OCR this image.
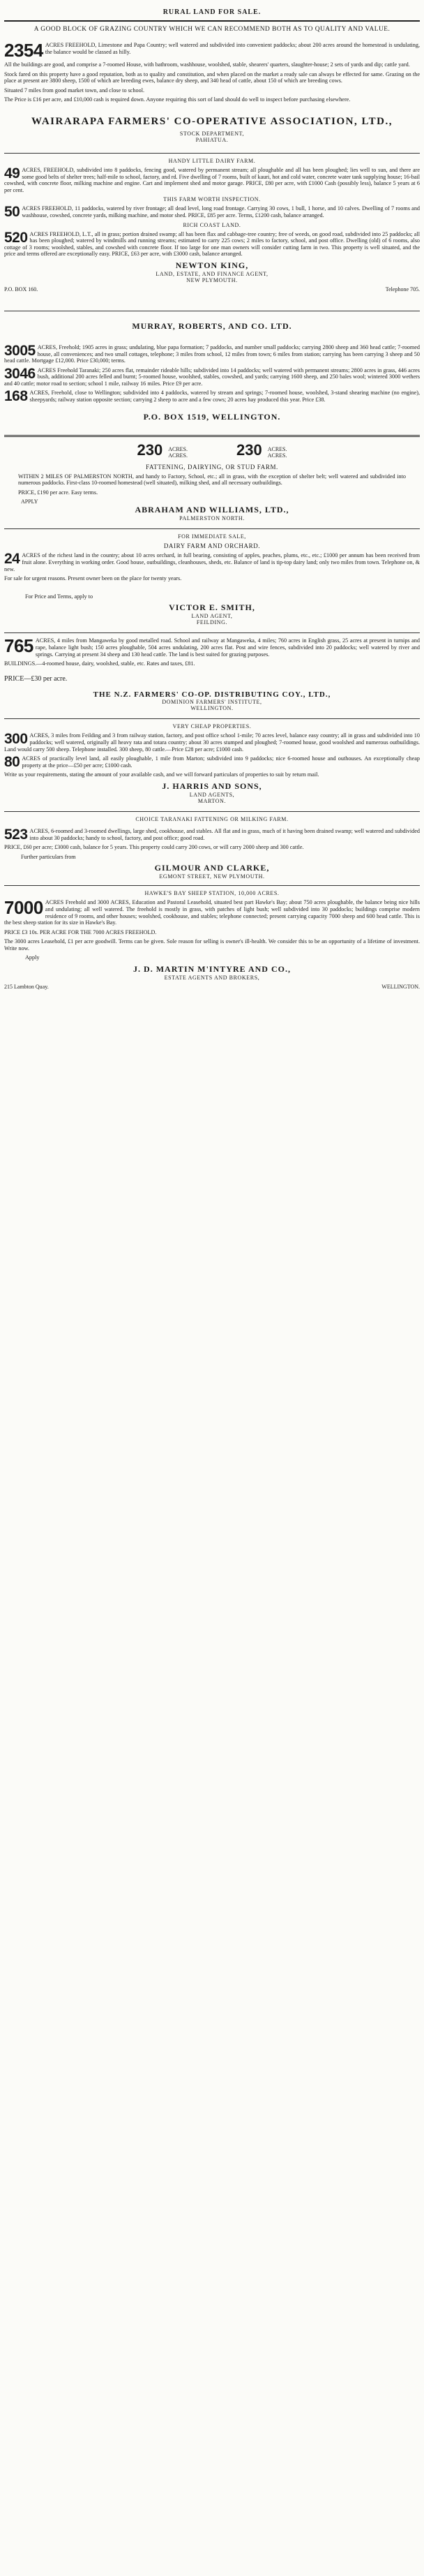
RURAL LAND FOR SALE.
A GOOD BLOCK OF GRAZING COUNTRY WHICH WE CAN RECOMMEND BOTH AS TO QUALITY AND VALUE.
2354 ACRES FREEHOLD, Limestone and Papa Country; well watered and subdivided into convenient paddocks; about 200 acres around the homestead is undulating, the balance would be classed as hilly.
All the buildings are good, and comprise a 7-roomed House, with bathroom, washhouse, woolshed, stable, shearers' quarters, slaughter-house; 2 sets of yards and dip; cattle yard.
Stock fared on this property have a good reputation, both as to quality and constitution, and when placed on the market a ready sale can always be effected for same. Grazing on the place at present are 3800 sheep, 1500 of which are breeding ewes, balance dry sheep, and 340 head of cattle, about 150 of which are breeding cows.
Situated 7 miles from good market town, and close to school.
The Price is £16 per acre, and £10,000 cash is required down. Anyone requiring this sort of land should do well to inspect before purchasing elsewhere.
WAIRARAPA FARMERS' CO-OPERATIVE ASSOCIATION, LTD.,
STOCK DEPARTMENT,
PAHIATUA.
HANDY LITTLE DAIRY FARM.
49 ACRES, FREEHOLD, subdivided into 8 paddocks, fencing good, watered by permanent stream; all ploughable and all has been ploughed; lies well to sun, and there are some good belts of shelter trees; half-mile to school, factory, and rd. Five dwelling of 7 rooms, built of kauri, hot and cold water, concrete water tank supplying house; 16-bail cowshed, with concrete floor, milking machine and engine. Cart and implement shed and motor garage. PRICE, £80 per acre, with £1000 Cash (possibly less), balance 5 years at 6 per cent.
THIS FARM WORTH INSPECTION.
50 ACRES FREEHOLD, 11 paddocks, watered by river frontage; all dead level, long road frontage. Carrying 30 cows, 1 bull, 1 horse, and 10 calves. Dwelling of 7 rooms and washhouse, cowshed, concrete yards, milking machine, and motor shed. PRICE, £85 per acre. Terms, £1200 cash, balance arranged.
RICH COAST LAND.
520 ACRES FREEHOLD, L.T., all in grass; portion drained swamp; all has been flax and cabbage-tree country; free of weeds, on good road, subdivided into 25 paddocks; all has been ploughed; watered by windmills and running streams; estimated to carry 225 cows; 2 miles to factory, school, and post office. Dwelling (old) of 6 rooms, also cottage of 3 rooms; woolshed, stables, and cowshed with concrete floor. If too large for one man owners will consider cutting farm in two. This property is well situated, and the price and terms offered are exceptionally easy. PRICE, £63 per acre, with £3000 cash, balance arranged.
NEWTON KING,
LAND, ESTATE, AND FINANCE AGENT,
NEW PLYMOUTH.
P.O. BOX 160.	Telephone 705.
MURRAY, ROBERTS, AND CO. LTD.
3005 ACRES, Freehold; 1905 acres in grass; undulating, blue papa formation; 7 paddocks, and number small paddocks; carrying 2800 sheep and 360 head cattle; 7-roomed house, all conveniences; and two small cottages, telephone; 3 miles from school, 12 miles from town; 6 miles from station; carrying has been carrying 3 sheep and 50 head cattle. Mortgage £12,000. Price £30,000; terms.
3046 ACRES Freehold Taranaki; 250 acres flat, remainder rideable hills; subdivided into 14 paddocks; well watered with permanent streams; 2800 acres in grass, 446 acres bush, additional 200 acres felled and burnt; 5-roomed house, woolshed, stables, cowshed, and yards; carrying 1600 sheep, and 250 bales wool; wintered 3000 wethers and 40 cattle; motor road to section; school 1 mile, railway 16 miles. Price £9 per acre.
168 ACRES, Freehold, close to Wellington; subdivided into 4 paddocks, watered by stream and springs; 7-roomed house, woolshed, 3-stand shearing machine (no engine), sheepyards; railway station opposite section; carrying 2 sheep to acre and a few cows; 20 acres hay produced this year. Price £38.
P.O. BOX 1519, WELLINGTON.
230 ACRES.
ACRES.	230 ACRES.
ACRES.
FATTENING, DAIRYING, OR STUD FARM.
WITHIN 2 MILES OF PALMERSTON NORTH, and handy to Factory, School, etc.; all in grass, with the exception of shelter belt; well watered and subdivided into numerous paddocks. First-class 10-roomed homestead (well situated), milking shed, and all necessary outbuildings.
PRICE, £190 per acre. Easy terms.
APPLY
ABRAHAM AND WILLIAMS, LTD.,
PALMERSTON NORTH.
FOR IMMEDIATE SALE,
DAIRY FARM AND ORCHARD.
24 ACRES of the richest land in the country; about 10 acres orchard, in full bearing, consisting of apples, peaches, plums, etc., etc.; £1000 per annum has been received from fruit alone. Everything in working order. Good house, outbuildings, cleanhouses, sheds, etc. Balance of land is tip-top dairy land; only two miles from town. Telephone on, & new.
For sale for urgent reasons. Present owner been on the place for twenty years.
For Price and Terms, apply to
VICTOR E. SMITH,
LAND AGENT,
FEILDING.
765 ACRES, 4 miles from Mangaweka by good metalled road. School and railway at Mangaweka, 4 miles; 760 acres in English grass, 25 acres at present in turnips and rape, balance light bush; 150 acres ploughable, 504 acres undulating, 200 acres flat. Post and wire fences, subdivided into 20 paddocks; well watered by river and springs. Carrying at present 34 sheep and 130 head cattle. The land is best suited for grazing purposes.
BUILDINGS.—4-roomed house, dairy, woolshed, stable, etc. Rates and taxes, £81.
PRICE—£30 per acre.
THE N.Z. FARMERS' CO-OP. DISTRIBUTING COY., LTD.,
DOMINION FARMERS' INSTITUTE,
WELLINGTON.
VERY CHEAP PROPERTIES.
300 ACRES, 3 miles from Feilding and 3 from railway station, factory, and post office school 1-mile; 70 acres level, balance easy country; all in grass and subdivided into 10 paddocks; well watered, originally all heavy rata and totara country; about 30 acres stumped and ploughed; 7-roomed house, good woolshed and numerous outbuildings. Land would carry 500 sheep. Telephone installed. 300 sheep, 80 cattle.—Price £28 per acre; £1000 cash.
80 ACRES of practically level land, all easily ploughable, 1 mile from Marton; subdivided into 9 paddocks; nice 6-roomed house and outhouses. An exceptionally cheap property at the price—£50 per acre; £1000 cash.
Write us your requirements, stating the amount of your available cash, and we will forward particulars of properties to suit by return mail.
J. HARRIS AND SONS,
LAND AGENTS,
MARTON.
CHOICE TARANAKI FATTENING OR MILKING FARM.
523 ACRES, 6-roomed and 3-roomed dwellings, large shed, cookhouse, and stables. All flat and in grass, much of it having been drained swamp; well watered and subdivided into about 30 paddocks; handy to school, factory, and post office; good road.
PRICE, £60 per acre; £3000 cash, balance for 5 years. This property could carry 200 cows, or will carry 2000 sheep and 300 cattle.
Further particulars from
GILMOUR AND CLARKE,
EGMONT STREET, NEW PLYMOUTH.
HAWKE'S BAY SHEEP STATION, 10,000 ACRES.
7000 ACRES Freehold and 3000 ACRES, Education and Pastoral Leasehold, situated best part Hawke's Bay; about 750 acres ploughable, the balance being nice hills and undulating; all well watered. The freehold is mostly in grass, with patches of light bush; well subdivided into 30 paddocks; buildings comprise modern residence of 9 rooms, and other houses; woolshed, cookhouse, and stables; telephone connected; present carrying capacity 7000 sheep and 600 head cattle. This is the best sheep station for its size in Hawke's Bay.
PRICE £3 10s. PER ACRE FOR THE 7000 ACRES FREEHOLD.
The 3000 acres Leasehold, £1 per acre goodwill. Terms can be given. Sole reason for selling is owner's ill-health. We consider this to be an opportunity of a lifetime of investment. Write now.
Apply
J. D. MARTIN M'INTYRE AND CO.,
ESTATE AGENTS AND BROKERS,
215 Lambton Quay.	WELLINGTON.
